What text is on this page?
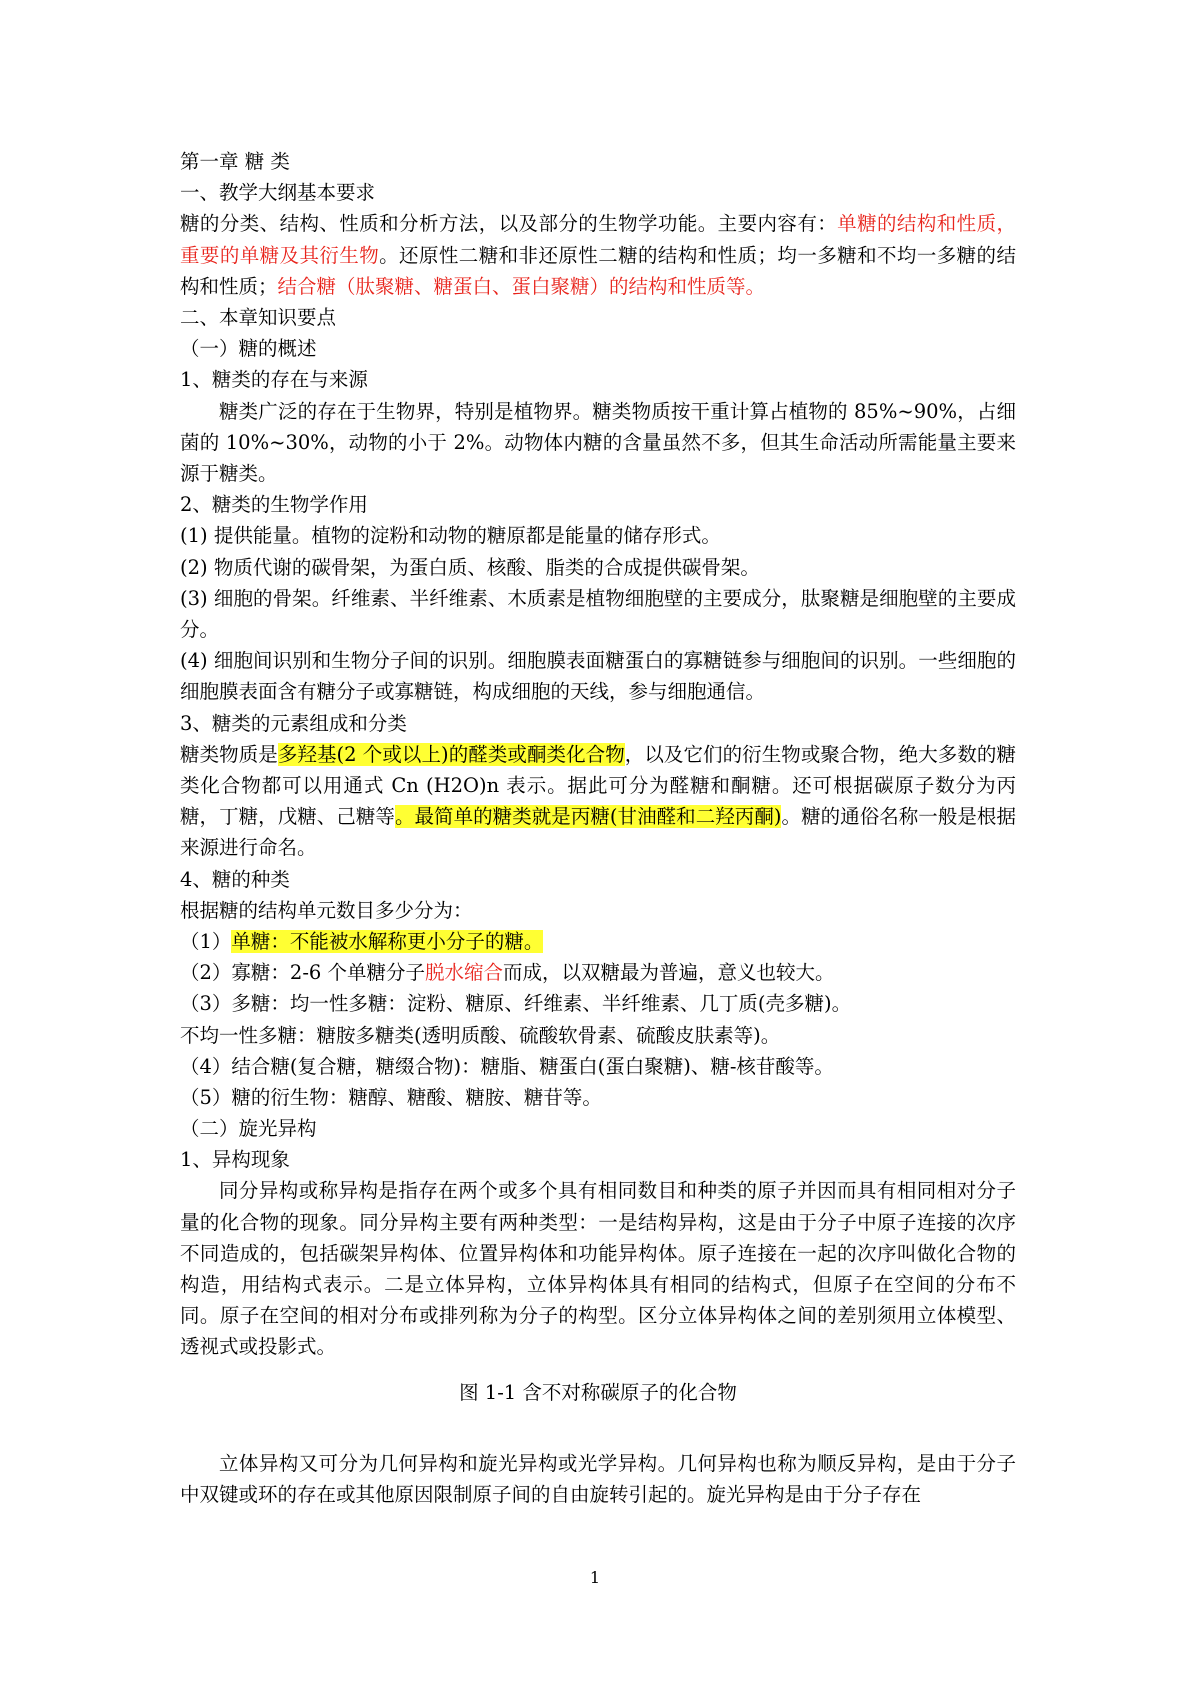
第一章 糖 类
一、教学大纲基本要求
糖的分类、结构、性质和分析方法，以及部分的生物学功能。主要内容有：单糖的结构和性质，重要的单糖及其衍生物。还原性二糖和非还原性二糖的结构和性质；均一多糖和不均一多糖的结构和性质；结合糖（肽聚糖、糖蛋白、蛋白聚糖）的结构和性质等。
二、本章知识要点
（一）糖的概述
1、糖类的存在与来源
糖类广泛的存在于生物界，特别是植物界。糖类物质按干重计算占植物的 85%~90%，占细菌的 10%~30%，动物的小于 2%。动物体内糖的含量虽然不多，但其生命活动所需能量主要来源于糖类。
2、糖类的生物学作用
(1) 提供能量。植物的淀粉和动物的糖原都是能量的储存形式。
(2) 物质代谢的碳骨架，为蛋白质、核酸、脂类的合成提供碳骨架。
(3) 细胞的骨架。纤维素、半纤维素、木质素是植物细胞壁的主要成分，肽聚糖是细胞壁的主要成分。
(4) 细胞间识别和生物分子间的识别。细胞膜表面糖蛋白的寡糖链参与细胞间的识别。一些细胞的细胞膜表面含有糖分子或寡糖链，构成细胞的天线，参与细胞通信。
3、糖类的元素组成和分类
糖类物质是多羟基(2 个或以上)的醛类或酮类化合物，以及它们的衍生物或聚合物，绝大多数的糖类化合物都可以用通式 Cn (H2O)n 表示。据此可分为醛糖和酮糖。还可根据碳原子数分为丙糖，丁糖，戊糖、己糖等。最简单的糖类就是丙糖(甘油醛和二羟丙酮)。糖的通俗名称一般是根据来源进行命名。
4、糖的种类
根据糖的结构单元数目多少分为：
（1）单糖：不能被水解称更小分子的糖。
（2）寡糖：2-6 个单糖分子脱水缩合而成，以双糖最为普遍，意义也较大。
（3）多糖：均一性多糖：淀粉、糖原、纤维素、半纤维素、几丁质(壳多糖)。
不均一性多糖：糖胺多糖类(透明质酸、硫酸软骨素、硫酸皮肤素等)。
（4）结合糖(复合糖，糖缀合物)：糖脂、糖蛋白(蛋白聚糖)、糖-核苷酸等。
（5）糖的衍生物：糖醇、糖酸、糖胺、糖苷等。
（二）旋光异构
1、异构现象
同分异构或称异构是指存在两个或多个具有相同数目和种类的原子并因而具有相同相对分子量的化合物的现象。同分异构主要有两种类型：一是结构异构，这是由于分子中原子连接的次序不同造成的，包括碳架异构体、位置异构体和功能异构体。原子连接在一起的次序叫做化合物的构造，用结构式表示。二是立体异构，立体异构体具有相同的结构式，但原子在空间的分布不同。原子在空间的相对分布或排列称为分子的构型。区分立体异构体之间的差别须用立体模型、透视式或投影式。
图 1-1 含不对称碳原子的化合物
立体异构又可分为几何异构和旋光异构或光学异构。几何异构也称为顺反异构，是由于分子中双键或环的存在或其他原因限制原子间的自由旋转引起的。旋光异构是由于分子存在
1
